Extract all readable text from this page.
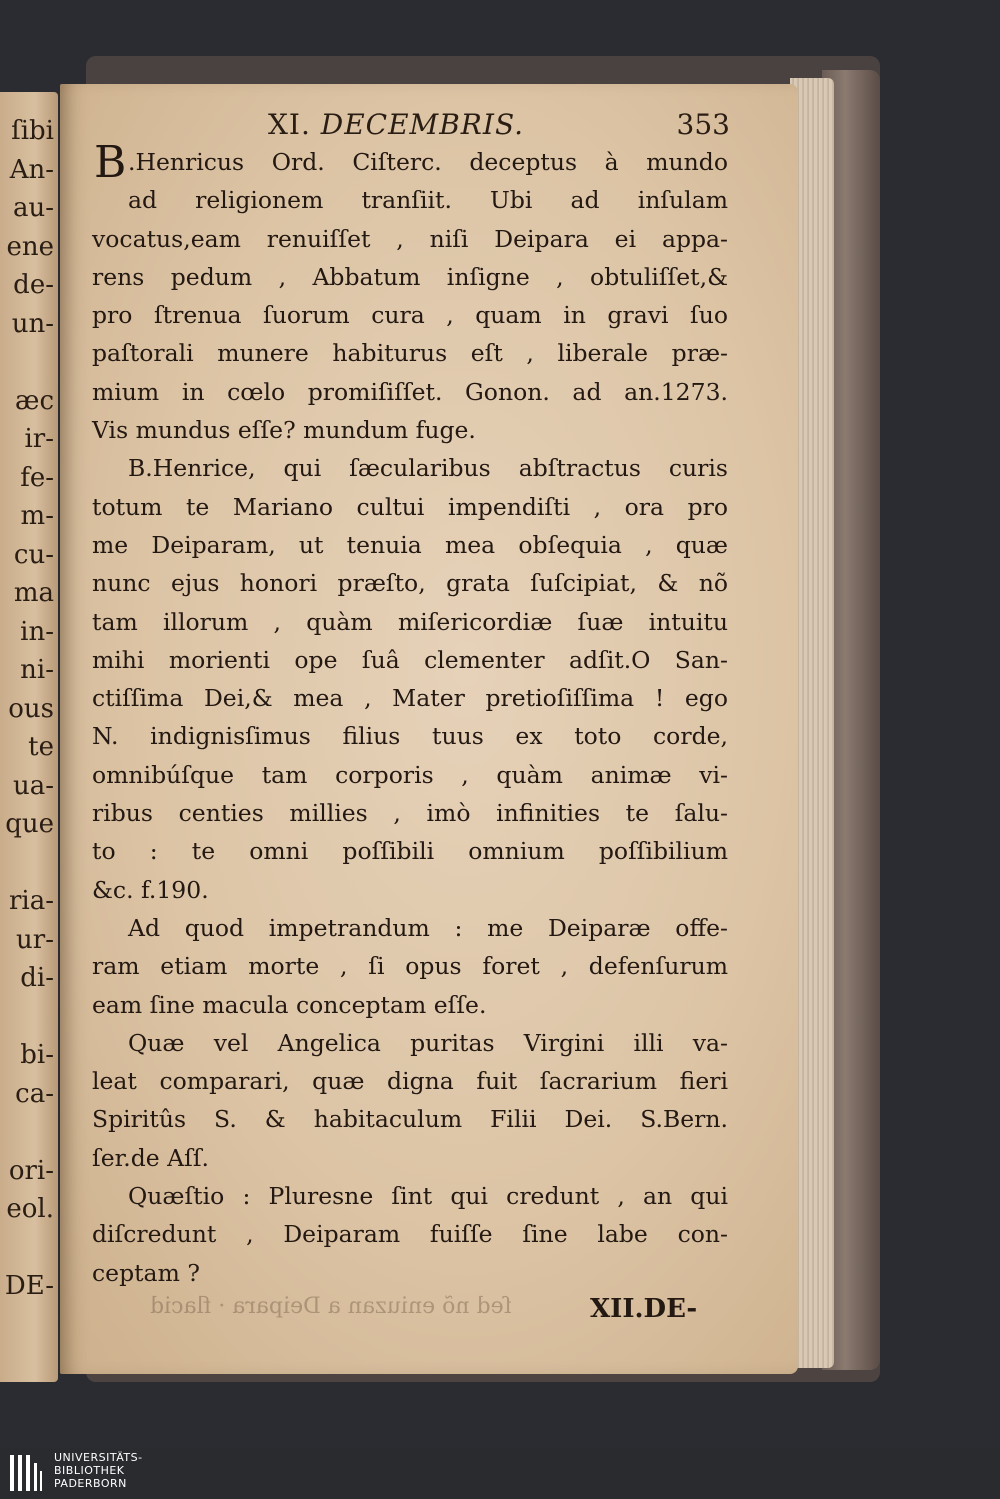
ſibi
An-
au-
ene
de-
un-
æc
ir-
fe-
m-
cu-
ma
in-
ni-
ous
te
ua-
que
ria-
ur-
di-
bi-
ca-
ori-
eol.
DE-
XI. DECEMBRIS.	353
B .Henricus Ord. Ciſterc. deceptus à mundo
ad religionem tranſiit. Ubi ad inſulam
vocatus,eam renuiſſet , niſi Deipara ei appa-
rens pedum , Abbatum inſigne , obtuliſſet,&
pro ſtrenua ſuorum cura , quam in gravi ſuo
paſtorali munere habiturus eſt , liberale præ-
mium in cœlo promiſiſſet. Gonon. ad an.1273.
Vis mundus eſſe? mundum fuge.
B.Henrice, qui ſæcularibus abſtractus curis
totum te Mariano cultui impendiſti , ora pro
me Deiparam, ut tenuia mea obſequia , quæ
nunc ejus honori præſto, grata ſuſcipiat, & nõ
tam illorum , quàm miſericordiæ ſuæ intuitu
mihi morienti ope ſuâ clementer adſit.O San-
ctiſſima Dei,& mea , Mater pretioſiſſima ! ego
N. indignisſimus filius tuus ex toto corde,
omnibúſque tam corporis , quàm animæ vi-
ribus centies millies , imò infinities te ſalu-
to : te omni poſſibili omnium poſſibilium
&c. f.190.
Ad quod impetrandum : me Deiparæ offe-
ram etiam morte , ſi opus foret , defenſurum
eam ſine macula conceptam eſſe.
Quæ vel Angelica puritas Virgini illi va-
leat comparari, quæ digna fuit ſacrarium fieri
Spiritûs S. & habitaculum Filii Dei. S.Bern.
ſer.de Aſſ.
Quæſtio : Pluresne ſint qui credunt , an qui
diſcredunt , Deiparam fuiſſe ſine labe con-
ceptam ?
ſed nõ eniuzan a Deipara · flacid	XII.DE-
UNIVERSITÄTS-
BIBLIOTHEK
PADERBORN
